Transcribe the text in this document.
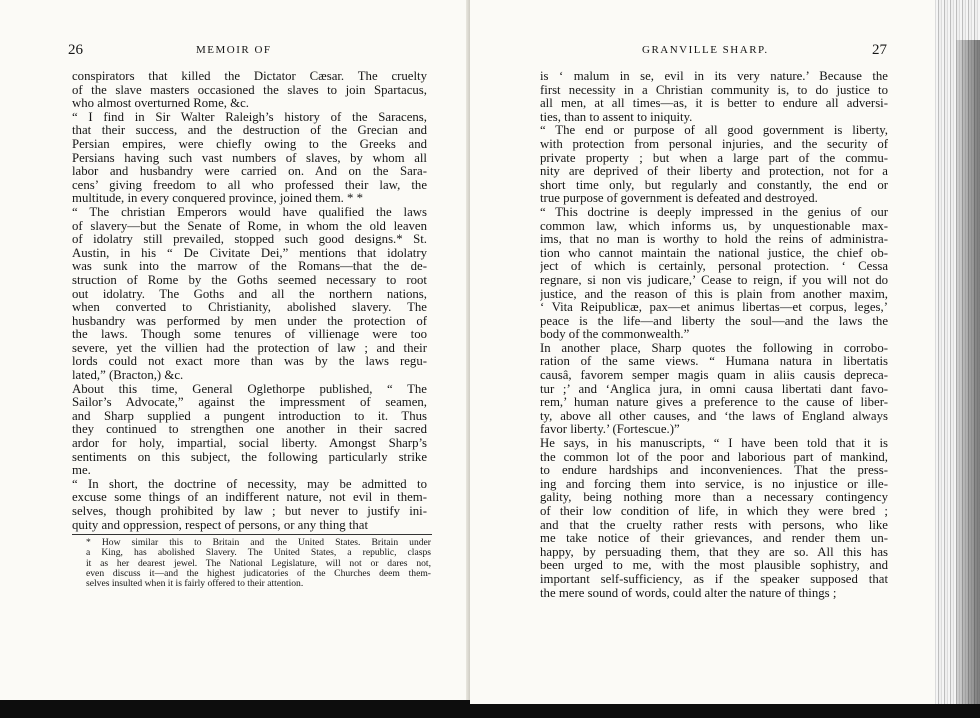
26	MEMOIR OF
conspirators that killed the Dictator Cæsar. The cruelty
of the slave masters occasioned the slaves to join Spartacus,
who almost overturned Rome, &c.
“ I find in Sir Walter Raleigh’s history of the Saracens,
that their success, and the destruction of the Grecian and
Persian empires, were chiefly owing to the Greeks and
Persians having such vast numbers of slaves, by whom all
labor and husbandry were carried on. And on the Sara-
cens’ giving freedom to all who professed their law, the
multitude, in every conquered province, joined them. * *
“ The christian Emperors would have qualified the laws
of slavery—but the Senate of Rome, in whom the old leaven
of idolatry still prevailed, stopped such good designs.* St.
Austin, in his “ De Civitate Dei,” mentions that idolatry
was sunk into the marrow of the Romans—that the de-
struction of Rome by the Goths seemed necessary to root
out idolatry. The Goths and all the northern nations,
when converted to Christianity, abolished slavery. The
husbandry was performed by men under the protection of
the laws. Though some tenures of villienage were too
severe, yet the villien had the protection of law ; and their
lords could not exact more than was by the laws regu-
lated,” (Bracton,) &c.
About this time, General Oglethorpe published, “ The
Sailor’s Advocate,” against the impressment of seamen,
and Sharp supplied a pungent introduction to it. Thus
they continued to strengthen one another in their sacred
ardor for holy, impartial, social liberty. Amongst Sharp’s
sentiments on this subject, the following particularly strike
me.
“ In short, the doctrine of necessity, may be admitted to
excuse some things of an indifferent nature, not evil in them-
selves, though prohibited by law ; but never to justify ini-
quity and oppression, respect of persons, or any thing that
* How similar this to Britain and the United States. Britain under
a King, has abolished Slavery. The United States, a republic, clasps
it as her dearest jewel. The National Legislature, will not or dares not,
even discuss it—and the highest judicatories of the Churches deem them-
selves insulted when it is fairly offered to their attention.
GRANVILLE SHARP.	27
is ‘ malum in se, evil in its very nature.’ Because the
first necessity in a Christian community is, to do justice to
all men, at all times—as, it is better to endure all adversi-
ties, than to assent to iniquity.
“ The end or purpose of all good government is liberty,
with protection from personal injuries, and the security of
private property ; but when a large part of the commu-
nity are deprived of their liberty and protection, not for a
short time only, but regularly and constantly, the end or
true purpose of government is defeated and destroyed.
“ This doctrine is deeply impressed in the genius of our
common law, which informs us, by unquestionable max-
ims, that no man is worthy to hold the reins of administra-
tion who cannot maintain the national justice, the chief ob-
ject of which is certainly, personal protection. ‘ Cessa
regnare, si non vis judicare,’ Cease to reign, if you will not do
justice, and the reason of this is plain from another maxim,
‘ Vita Reipublicæ, pax—et animus libertas—et corpus, leges,’
peace is the life—and liberty the soul—and the laws the
body of the commonwealth.”
In another place, Sharp quotes the following in corrobo-
ration of the same views. “ Humana natura in libertatis
causâ, favorem semper magis quam in aliis causis depreca-
tur ;’ and ‘Anglica jura, in omni causa libertati dant favo-
rem,’ human nature gives a preference to the cause of liber-
ty, above all other causes, and ‘the laws of England always
favor liberty.’ (Fortescue.)”
He says, in his manuscripts, “ I have been told that it is
the common lot of the poor and laborious part of mankind,
to endure hardships and inconveniences. That the press-
ing and forcing them into service, is no injustice or ille-
gality, being nothing more than a necessary contingency
of their low condition of life, in which they were bred ;
and that the cruelty rather rests with persons, who like
me take notice of their grievances, and render them un-
happy, by persuading them, that they are so. All this has
been urged to me, with the most plausible sophistry, and
important self-sufficiency, as if the speaker supposed that
the mere sound of words, could alter the nature of things ;
